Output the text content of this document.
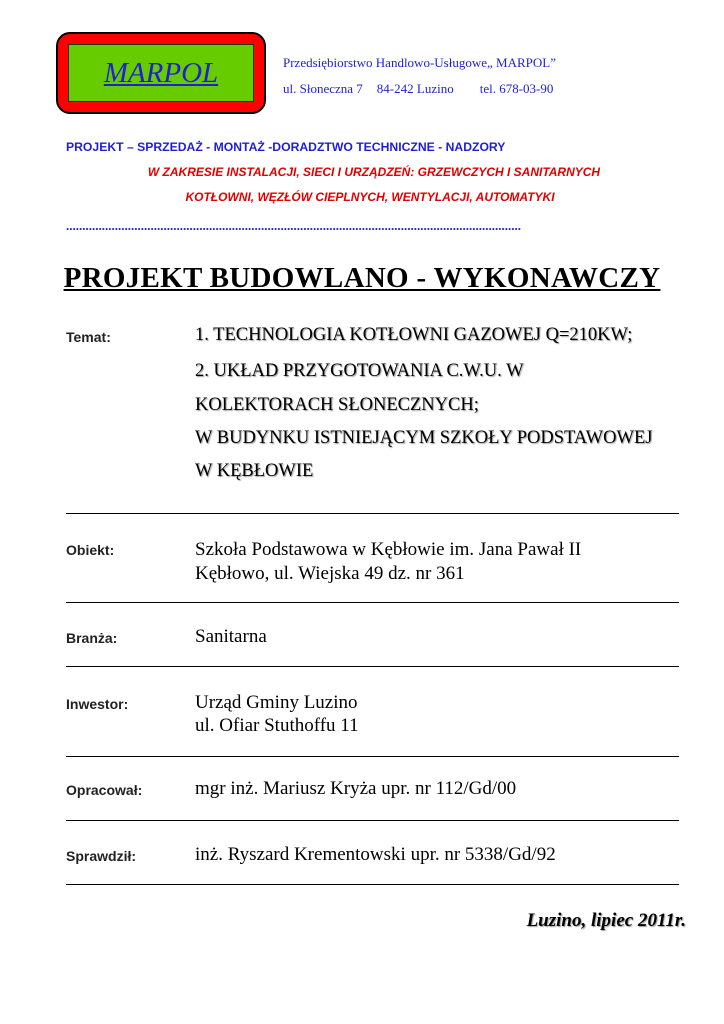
MARPOL	Przedsiębiorstwo Handlowo-Usługowe„ MARPOL”
ul. Słoneczna 7 84-242 Luzino tel. 678-03-90
PROJEKT – SPRZEDAŻ - MONTAŻ -DORADZTWO TECHNICZNE - NADZORY
W ZAKRESIE INSTALACJI, SIECI I URZĄDZEŃ: GRZEWCZYCH I SANITARNYCH
KOTŁOWNI, WĘZŁÓW CIEPLNYCH, WENTYLACJI, AUTOMATYKI
............................................................................................................................................
PROJEKT BUDOWLANO - WYKONAWCZY
Temat:	1. TECHNOLOGIA KOTŁOWNI GAZOWEJ Q=210KW;
2. UKŁAD PRZYGOTOWANIA C.W.U. W
KOLEKTORACH SŁONECZNYCH;
W BUDYNKU ISTNIEJĄCYM SZKOŁY PODSTAWOWEJ
W KĘBŁOWIE
Obiekt:	Szkoła Podstawowa w Kębłowie im. Jana Pawał II
Kębłowo, ul. Wiejska 49 dz. nr 361
Branża:	Sanitarna
Inwestor:	Urząd Gminy Luzino
ul. Ofiar Stuthoffu 11
Opracował:	mgr inż. Mariusz Kryża upr. nr 112/Gd/00
Sprawdził:	inż. Ryszard Krementowski upr. nr 5338/Gd/92
Luzino, lipiec 2011r.
